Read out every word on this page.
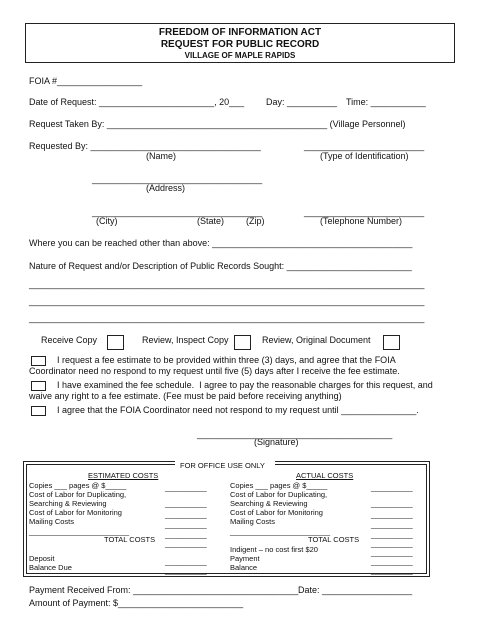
FREEDOM OF INFORMATION ACT
REQUEST FOR PUBLIC RECORD
VILLAGE OF MAPLE RAPIDS
FOIA #_________________
Date of Request: _______________________, 20___ Day: __________ Time: ___________
Request Taken By: ____________________________________________ (Village Personnel)
Requested By: __________________________________	________________________
(Name)	(Type of Identification)
__________________________________
(Address)
__________________________________	________________________
(City)	(State) (Zip)	(Telephone Number)
Where you can be reached other than above: ________________________________________
Nature of Request and/or Description of Public Records Sought: _________________________
_______________________________________________________________________________
_______________________________________________________________________________
_______________________________________________________________________________
Receive Copy	Review, Inspect Copy	Review, Original Document
I request a fee estimate to be provided within three (3) days, and agree that the FOIA
Coordinator need no respond to my request until five (5) days after I receive the fee estimate.
I have examined the fee schedule.  I agree to pay the reasonable charges for this request, and
waive any right to a fee estimate. (Fee must be paid before receiving anything)
I agree that the FOIA Coordinator need not respond to my request until _______________.
_______________________________________
(Signature)
FOR OFFICE USE ONLY
ESTIMATED COSTS
Copies ___ pages @ $_____	__________
Cost of Labor for Duplicating,
Searching & Reviewing	__________
Cost of Labor for Monitoring	__________
Mailing Costs	__________
________________________	__________
TOTAL COSTS __________
Deposit	__________
Balance Due	__________
ACTUAL COSTS
Copies ___ pages @ $_____	__________
Cost of Labor for Duplicating,
Searching & Reviewing	__________
Cost of Labor for Monitoring	__________
Mailing Costs	__________
________________________	__________
TOTAL COSTS __________
Indigent – no cost first $20	__________
Payment	__________
Balance	__________
Payment Received From: _________________________________ Date: __________________
Amount of Payment: $_________________________
